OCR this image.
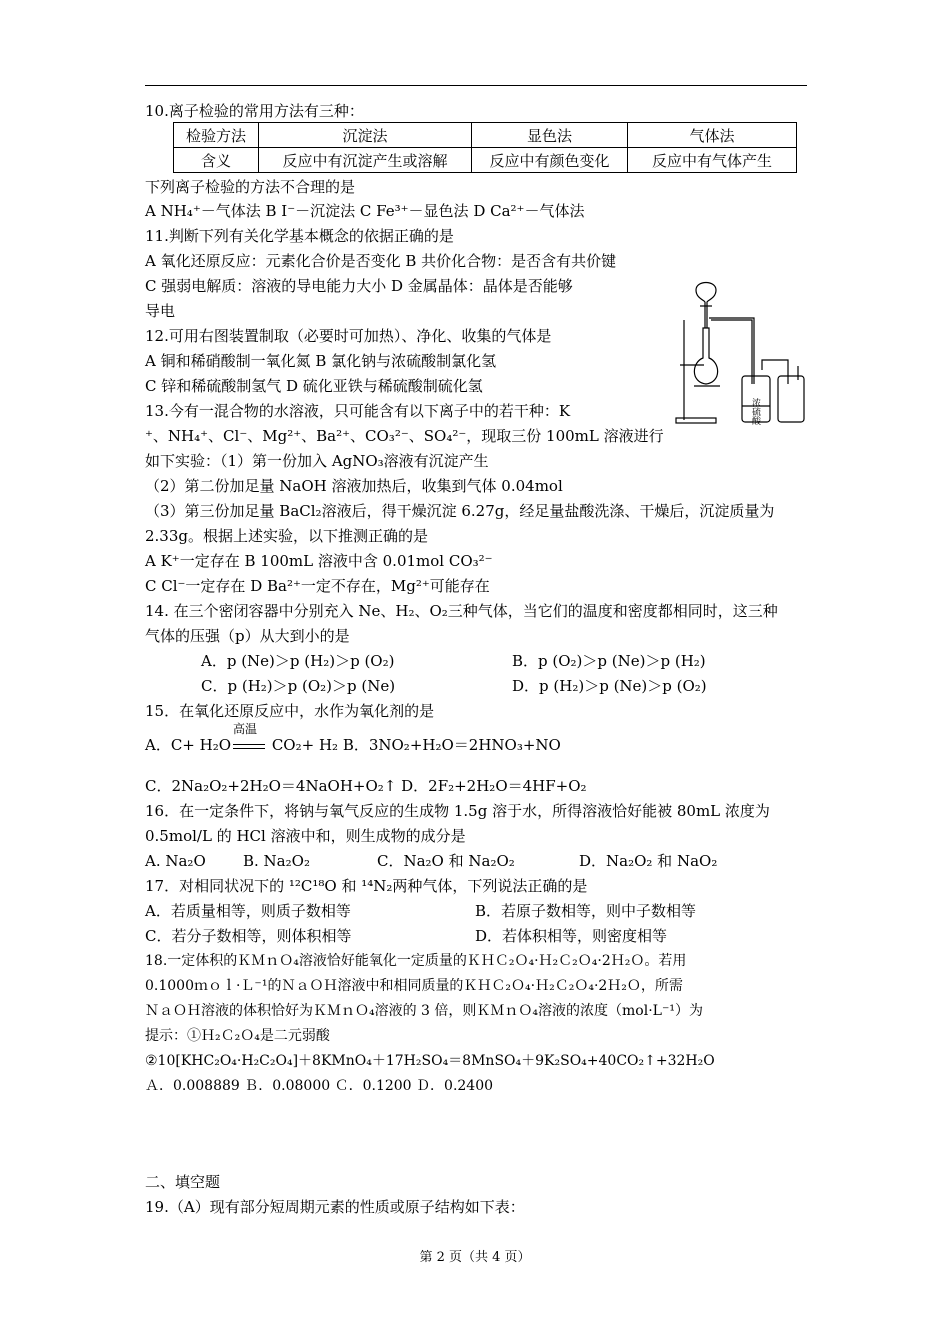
10.离子检验的常用方法有三种：
检验方法	沉淀法	显色法	气体法
含义	反应中有沉淀产生或溶解	反应中有颜色变化	反应中有气体产生
下列离子检验的方法不合理的是
A NH₄⁺－气体法 B I⁻－沉淀法 C Fe³⁺－显色法 D Ca²⁺－气体法
11.判断下列有关化学基本概念的依据正确的是
A 氧化还原反应：元素化合价是否变化 B 共价化合物：是否含有共价键
C 强弱电解质：溶液的导电能力大小 D 金属晶体：晶体是否能够
导电
12.可用右图装置制取（必要时可加热）、净化、收集的气体是
A 铜和稀硝酸制一氧化氮 B 氯化钠与浓硫酸制氯化氢
C 锌和稀硫酸制氢气 D 硫化亚铁与稀硫酸制硫化氢
13.今有一混合物的水溶液，只可能含有以下离子中的若干种：K
⁺、NH₄⁺、Cl⁻、Mg²⁺、Ba²⁺、CO₃²⁻、SO₄²⁻，现取三份 100mL 溶液进行
如下实验：（1）第一份加入 AgNO₃溶液有沉淀产生
（2）第二份加足量 NaOH 溶液加热后，收集到气体 0.04mol
（3）第三份加足量 BaCl₂溶液后，得干燥沉淀 6.27g，经足量盐酸洗涤、干燥后，沉淀质量为
2.33g。根据上述实验，以下推测正确的是
A K⁺一定存在 B 100mL 溶液中含 0.01mol CO₃²⁻
C Cl⁻一定存在 D Ba²⁺一定不存在，Mg²⁺可能存在
14. 在三个密闭容器中分别充入 Ne、H₂、O₂三种气体，当它们的温度和密度都相同时，这三种
气体的压强（p）从大到小的是
A．p (Ne)＞p (H₂)＞p (O₂)	B．p (O₂)＞p (Ne)＞p (H₂)
C．p (H₂)＞p (O₂)＞p (Ne)	D．p (H₂)＞p (Ne)＞p (O₂)
15．在氧化还原反应中，水作为氧化剂的是
A．C+ H₂O
高温
CO₂+ H₂ B．3NO₂+H₂O＝2HNO₃+NO
C．2Na₂O₂+2H₂O＝4NaOH+O₂↑ D．2F₂+2H₂O＝4HF+O₂
16．在一定条件下，将钠与氧气反应的生成物 1.5g 溶于水，所得溶液恰好能被 80mL 浓度为
0.5mol/L 的 HCl 溶液中和，则生成物的成分是
A. Na₂O B. Na₂O₂	C．Na₂O 和 Na₂O₂	D．Na₂O₂ 和 NaO₂
17．对相同状况下的 ¹²C¹⁸O 和 ¹⁴N₂两种气体，下列说法正确的是
A．若质量相等，则质子数相等	B．若原子数相等，则中子数相等
C．若分子数相等，则体积相等	D．若体积相等，则密度相等
18.一定体积的ＫＭｎＯ₄溶液恰好能氧化一定质量的ＫＨＣ₂Ｏ₄·Ｈ₂Ｃ₂Ｏ₄·2Ｈ₂Ｏ。若用
0.1000ｍｏｌ·Ｌ⁻¹的ＮａＯＨ溶液中和相同质量的ＫＨＣ₂Ｏ₄·Ｈ₂Ｃ₂Ｏ₄·2Ｈ₂Ｏ，所需
ＮａＯＨ溶液的体积恰好为ＫＭｎＯ₄溶液的 3 倍，则ＫＭｎＯ₄溶液的浓度（mol·L⁻¹）为
提示：①Ｈ₂Ｃ₂Ｏ₄是二元弱酸
②10[KHC₂O₄·H₂C₂O₄]＋8KMnO₄＋17H₂SO₄＝8MnSO₄＋9K₂SO₄+40CO₂↑+32H₂O
Ａ．0.008889 Ｂ．0.08000 Ｃ．0.1200 Ｄ．0.2400
二、填空题
19.（A）现有部分短周期元素的性质或原子结构如下表：
浓硫酸
第 2 页（共 4 页）
